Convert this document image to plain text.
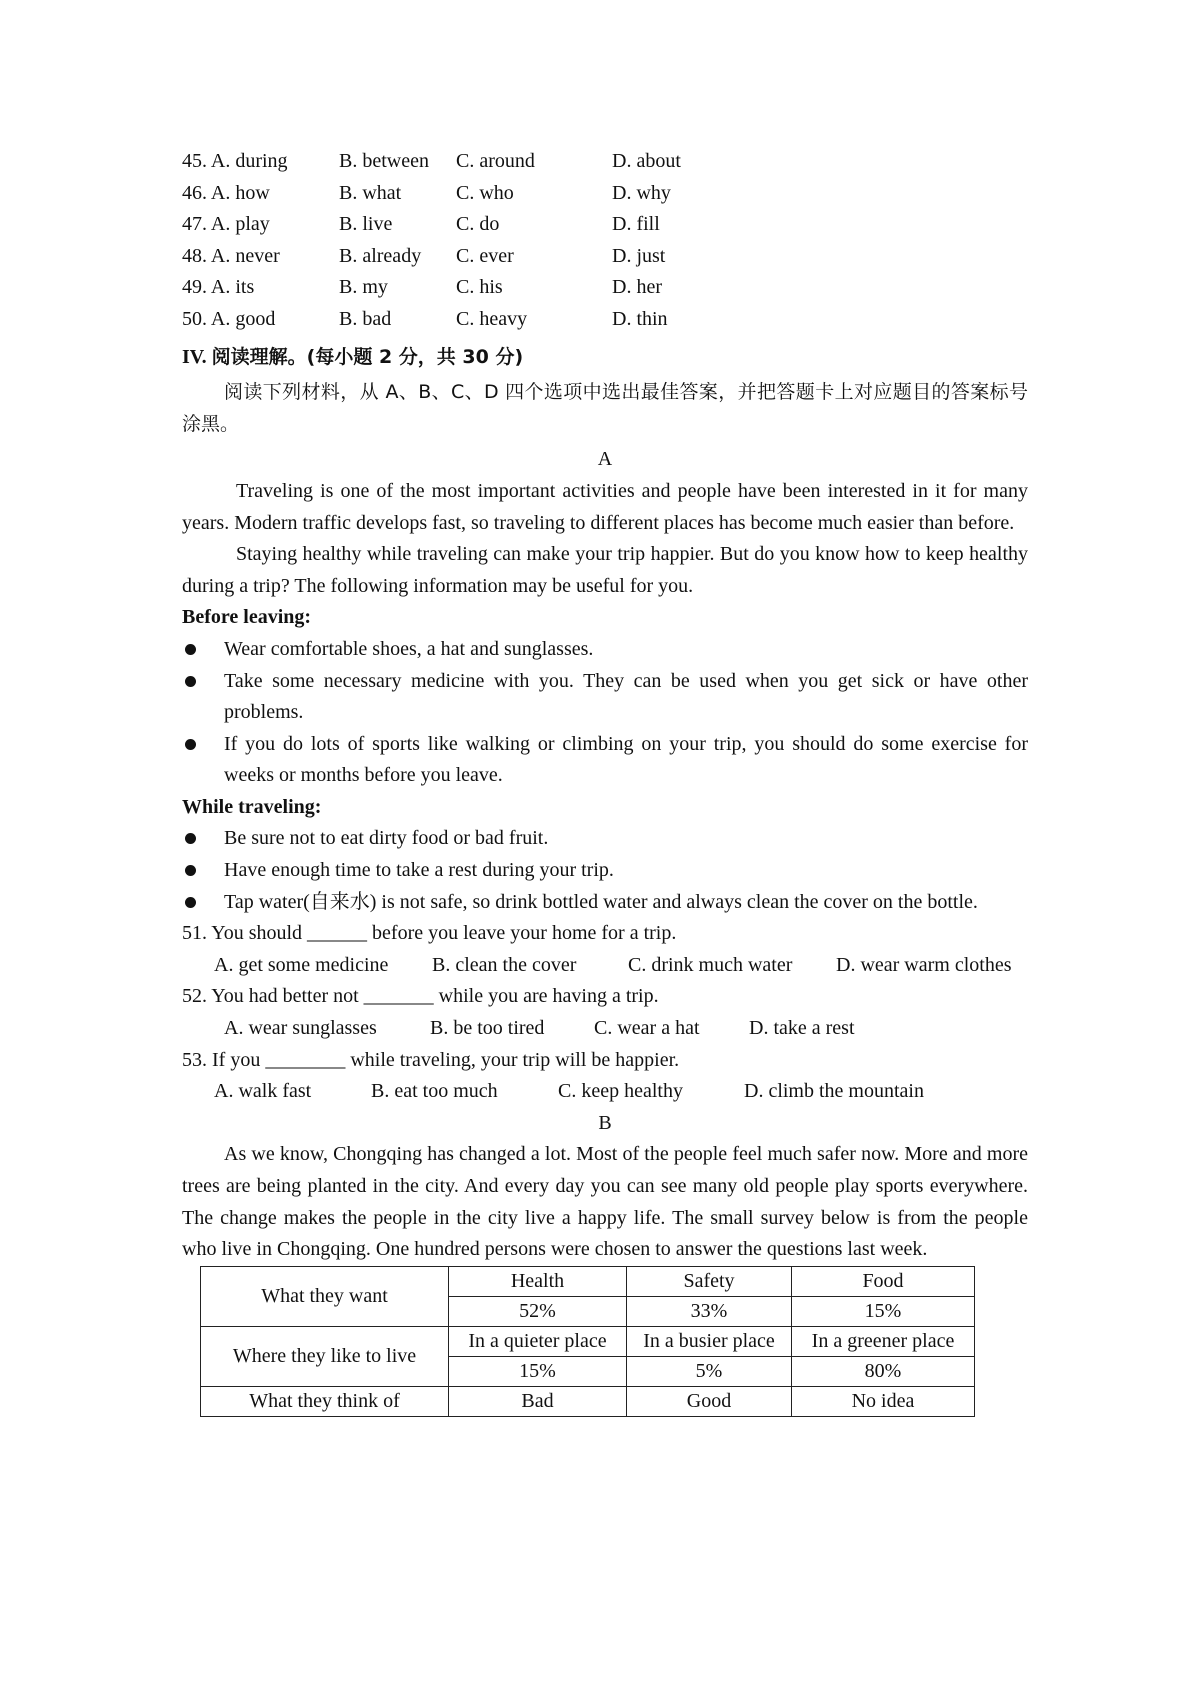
45. A. during	B. between C. around	D. about
46. A. how	B. what	C. who	D. why
47. A. play	B. live	C. do	D. fill
48. A. never	B. already C. ever	D. just
49. A. its	B. my	C. his	D. her
50. A. good	B. bad	C. heavy	D. thin
IV. 阅读理解。(每小题 2 分，共 30 分)
阅读下列材料，从 A、B、C、D 四个选项中选出最佳答案，并把答题卡上对应题目的答案标号涂黑。
A
Traveling is one of the most important activities and people have been interested in it for many years. Modern traffic develops fast, so traveling to different places has become much easier than before.
Staying healthy while traveling can make your trip happier. But do you know how to keep healthy during a trip? The following information may be useful for you.
Before leaving:
Wear comfortable shoes, a hat and sunglasses.
Take some necessary medicine with you. They can be used when you get sick or have other problems.
If you do lots of sports like walking or climbing on your trip, you should do some exercise for weeks or months before you leave.
While traveling:
Be sure not to eat dirty food or bad fruit.
Have enough time to take a rest during your trip.
Tap water(自来水) is not safe, so drink bottled water and always clean the cover on the bottle.
51. You should ______ before you leave your home for a trip.
A. get some medicine B. clean the cover	C. drink much water D. wear warm clothes
52. You had better not _______ while you are having a trip.
A. wear sunglasses	B. be too tired C. wear a hat D. take a rest
53. If you ________ while traveling, your trip will be happier.
A. walk fast	B. eat too much	C. keep healthy	D. climb the mountain
B
As we know, Chongqing has changed a lot. Most of the people feel much safer now. More and more trees are being planted in the city. And every day you can see many old people play sports everywhere. The change makes the people in the city live a happy life. The small survey below is from the people who live in Chongqing. One hundred persons were chosen to answer the questions last week.
What they want	Health	Safety	Food
	52%	33%	15%
Where they like to live	In a quieter place	In a busier place	In a greener place
	15%	5%	80%
What they think of	Bad	Good	No idea
